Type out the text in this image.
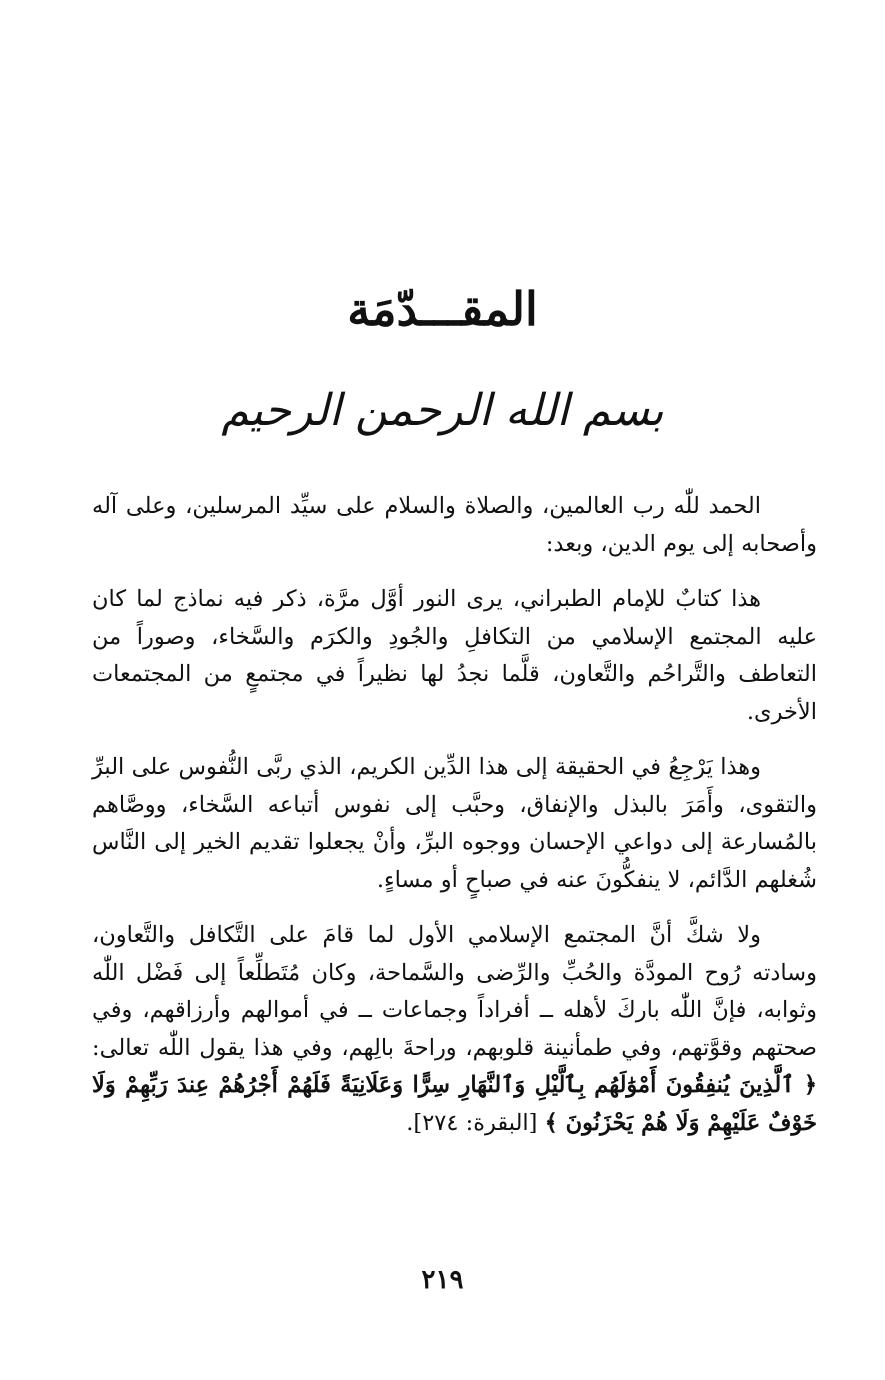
المقـــدّمَة
بسم الله الرحمن الرحيم

الحمد للّٰه رب العالمين، والصلاة والسلام على سيِّد المرسلين، وعلى آله وأصحابه إلى يوم الدين، وبعد:

هذا كتابٌ للإمام الطبراني، يرى النور أوَّل مرَّة، ذكر فيه نماذج لما كان عليه المجتمع الإسلامي من التكافلِ والجُودِ والكرَم والسَّخاء، وصوراً من التعاطف والتَّراحُم والتَّعاون، قلَّما نجدُ لها نظيراً في مجتمعٍ من المجتمعات الأخرى.

وهذا يَرْجِعُ في الحقيقة إلى هذا الدِّين الكريم، الذي ربَّى النُّفوس على البرِّ والتقوى، وأَمَرَ بالبذل والإنفاق، وحبَّب إلى نفوس أتباعه السَّخاء، ووصَّاهم بالمُسارعة إلى دواعي الإحسان ووجوه البرِّ، وأنْ يجعلوا تقديم الخير إلى النَّاس شُغلهم الدَّائم، لا ينفكُّونَ عنه في صباحٍ أو مساءٍ.

ولا شكَّ أنَّ المجتمع الإسلامي الأول لما قامَ على التَّكافل والتَّعاون، وسادته رُوح المودَّة والحُبِّ والرِّضى والسَّماحة، وكان مُتَطلِّعاً إلى فَضْل اللّٰه وثوابه، فإنَّ اللّٰه باركَ لأهله ــ أفراداً وجماعات ــ في أموالهم وأرزاقهم، وفي صحتهم وقوَّتهم، وفي طمأنينة قلوبهم، وراحةَ بالِهم، وفي هذا يقول اللّٰه تعالى: ﴿ ٱلَّذِينَ يُنفِقُونَ أَمْوَٰلَهُم بِٱلَّيْلِ وَٱلنَّهَارِ سِرًّا وَعَلَانِيَةً فَلَهُمْ أَجْرُهُمْ عِندَ رَبِّهِمْ وَلَا خَوْفٌ عَلَيْهِمْ وَلَا هُمْ يَحْزَنُونَ ﴾ [البقرة: ٢٧٤].

٢١٩
